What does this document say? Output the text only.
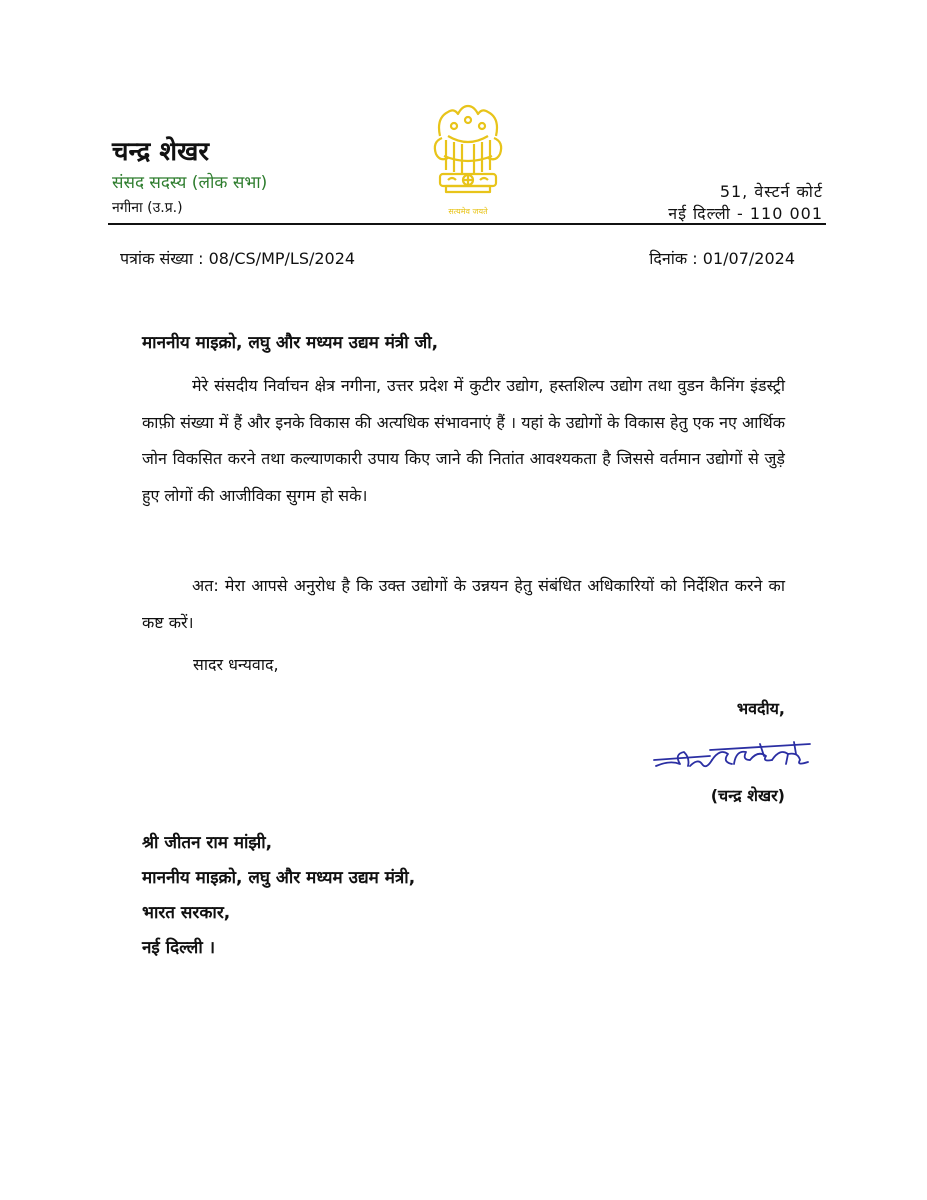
चन्द्र शेखर
संसद सदस्य (लोक सभा)
नगीना (उ.प्र.)	सत्यमेव जयते
51, वेस्टर्न कोर्ट
नई दिल्ली - 110 001
पत्रांक संख्या : 08/CS/MP/LS/2024	दिनांक : 01/07/2024
माननीय माइक्रो, लघु और मध्यम उद्यम मंत्री जी,

मेरे संसदीय निर्वाचन क्षेत्र नगीना, उत्तर प्रदेश में कुटीर उद्योग, हस्तशिल्प उद्योग तथा वुडन कैनिंग इंडस्ट्री काफ़ी संख्या में हैं और इनके विकास की अत्यधिक संभावनाएं हैं । यहां के उद्योगों के विकास हेतु एक नए आर्थिक जोन विकसित करने तथा कल्याणकारी उपाय किए जाने की नितांत आवश्यकता है जिससे वर्तमान उद्योगों से जुड़े हुए लोगों की आजीविका सुगम हो सके।

अत: मेरा आपसे अनुरोध है कि उक्त उद्योगों के उन्नयन हेतु संबंधित अधिकारियों को निर्देशित करने का कष्ट करें।

सादर धन्यवाद,
भवदीय,
(चन्द्र शेखर)
श्री जीतन राम मांझी,
माननीय माइक्रो, लघु और मध्यम उद्यम मंत्री,
भारत सरकार,
नई दिल्ली ।
